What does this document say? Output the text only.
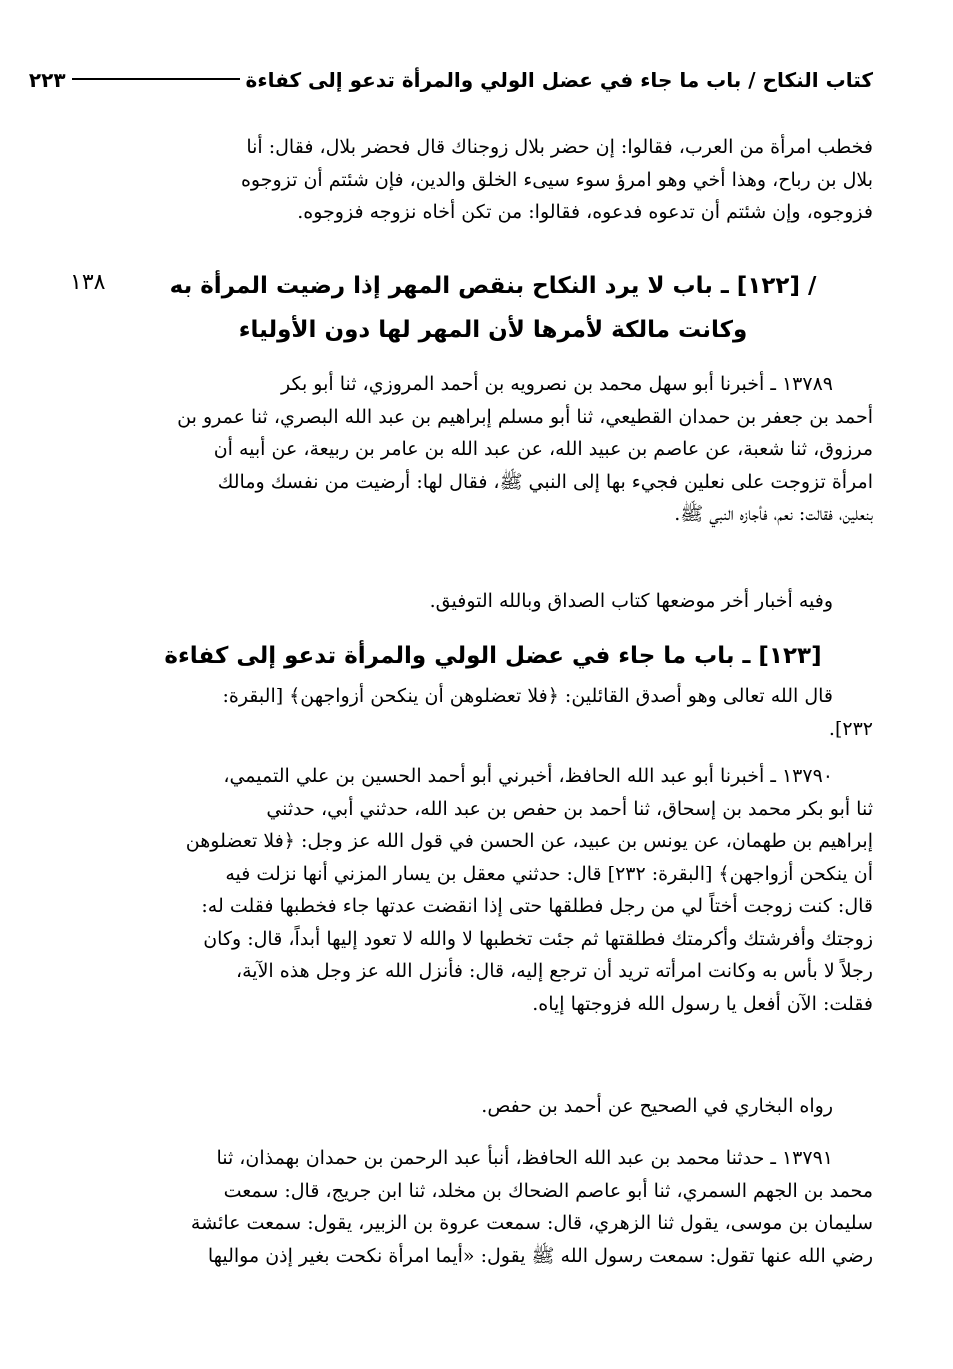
كتاب النكاح / باب ما جاء في عضل الولي والمرأة تدعو إلى كفاءة٢٢٣
١٣٨

فخطب امرأة من العرب، فقالوا: إن حضر بلال زوجناك قال فحضر بلال، فقال: أنا

بلال بن رباح، وهذا أخي وهو امرؤ سوء سيىء الخلق والدين، فإن شئتم أن تزوجوه

فزوجوه، وإن شئتم أن تدعوه فدعوه، فقالوا: من تكن أخاه نزوجه فزوجوه.

/ [١٢٢] ـ باب لا يرد النكاح بنقص المهر إذا رضيت المرأة به
وكانت مالكة لأمرها لأن المهر لها دون الأولياء

١٣٧٨٩ ـ أخبرنا أبو سهل محمد بن نصرويه بن أحمد المروزي، ثنا أبو بكر

أحمد بن جعفر بن حمدان القطيعي، ثنا أبو مسلم إبراهيم بن عبد الله البصري، ثنا عمرو بن

مرزوق، ثنا شعبة، عن عاصم بن عبيد الله، عن عبد الله بن عامر بن ربيعة، عن أبيه أن

امرأة تزوجت على نعلين فجيء بها إلى النبي ﷺ، فقال لها: أرضيت من نفسك ومالك

بنعلين، فقالت: نعم، فأجازه النبي ﷺ.

وفيه أخبار أخر موضعها كتاب الصداق وبالله التوفيق.

[١٢٣] ـ باب ما جاء في عضل الولي والمرأة تدعو إلى كفاءة

قال الله تعالى وهو أصدق القائلين: ﴿فلا تعضلوهن أن ينكحن أزواجهن﴾ [البقرة:

٢٣٢].

١٣٧٩٠ ـ أخبرنا أبو عبد الله الحافظ، أخبرني أبو أحمد الحسين بن علي التميمي،

ثنا أبو بكر محمد بن إسحاق، ثنا أحمد بن حفص بن عبد الله، حدثني أبي، حدثني

إبراهيم بن طهمان، عن يونس بن عبيد، عن الحسن في قول الله عز وجل: ﴿فلا تعضلوهن

أن ينكحن أزواجهن﴾ [البقرة: ٢٣٢] قال: حدثني معقل بن يسار المزني أنها نزلت فيه

قال: كنت زوجت أختاً لي من رجل فطلقها حتى إذا انقضت عدتها جاء فخطبها فقلت له:

زوجتك وأفرشتك وأكرمتك فطلقتها ثم جئت تخطبها لا والله لا تعود إليها أبداً، قال: وكان

رجلاً لا بأس به وكانت امرأته تريد أن ترجع إليه، قال: فأنزل الله عز وجل هذه الآية،

فقلت: الآن أفعل يا رسول الله فزوجتها إياه.

رواه البخاري في الصحيح عن أحمد بن حفص.

١٣٧٩١ ـ حدثنا محمد بن عبد الله الحافظ، أنبأ عبد الرحمن بن حمدان بهمذان، ثنا

محمد بن الجهم السمري، ثنا أبو عاصم الضحاك بن مخلد، ثنا ابن جريج، قال: سمعت

سليمان بن موسى، يقول ثنا الزهري، قال: سمعت عروة بن الزبير، يقول: سمعت عائشة

رضي الله عنها تقول: سمعت رسول الله ﷺ يقول: «أيما امرأة نكحت بغير إذن مواليها
